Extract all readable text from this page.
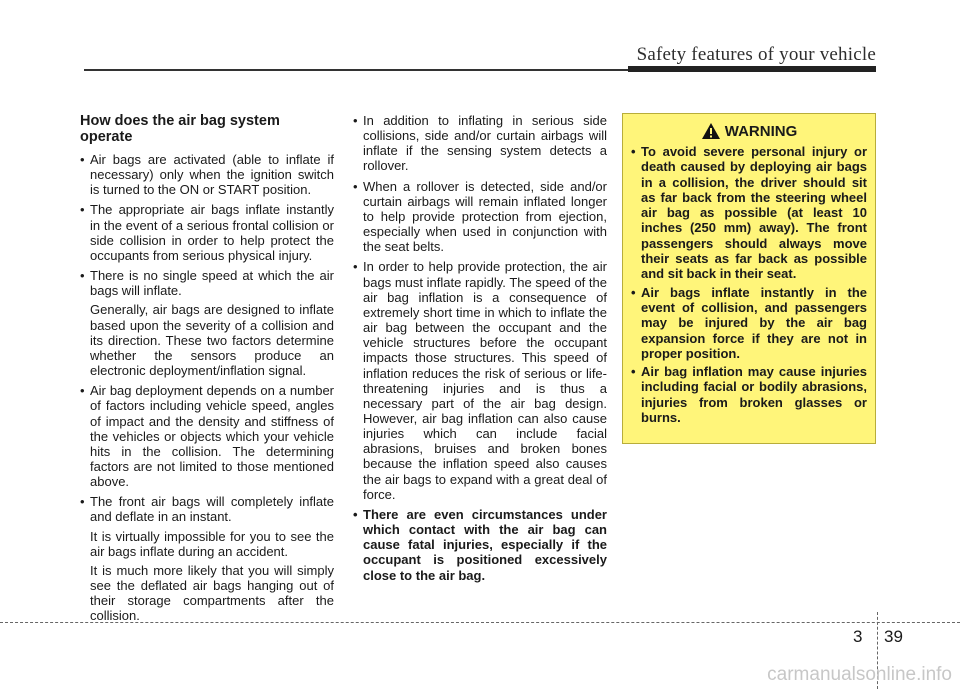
Safety features of your vehicle
How does the air bag system operate
• Air bags are activated (able to inflate if necessary) only when the ignition switch is turned to the ON or START position.
• The appropriate air bags inflate instantly in the event of a serious frontal collision or side collision in order to help protect the occupants from serious physical injury.
• There is no single speed at which the air bags will inflate.
Generally, air bags are designed to inflate based upon the severity of a collision and its direction. These two factors determine whether the sensors produce an electronic deployment/inflation signal.
• Air bag deployment depends on a number of factors including vehicle speed, angles of impact and the density and stiffness of the vehicles or objects which your vehicle hits in the collision. The determining factors are not limited to those mentioned above.
• The front air bags will completely inflate and deflate in an instant.
It is virtually impossible for you to see the air bags inflate during an accident.
It is much more likely that you will simply see the deflated air bags hanging out of their storage compartments after the collision.
• In addition to inflating in serious side collisions, side and/or curtain airbags will inflate if the sensing system detects a rollover.
• When a rollover is detected, side and/or curtain airbags will remain inflated longer to help provide protection from ejection, especially when used in conjunction with the seat belts.
• In order to help provide protection, the air bags must inflate rapidly. The speed of the air bag inflation is a consequence of extremely short time in which to inflate the air bag between the occupant and the vehicle structures before the occupant impacts those structures. This speed of inflation reduces the risk of serious or life-threatening injuries and is thus a necessary part of the air bag design. However, air bag inflation can also cause injuries which can include facial abrasions, bruises and broken bones because the inflation speed also causes the air bags to expand with a great deal of force.
• There are even circumstances under which contact with the air bag can cause fatal injuries, especially if the occupant is positioned excessively close to the air bag.
WARNING
• To avoid severe personal injury or death caused by deploying air bags in a collision, the driver should sit as far back from the steering wheel air bag as possible (at least 10 inches (250 mm) away). The front passengers should always move their seats as far back as possible and sit back in their seat.
• Air bags inflate instantly in the event of collision, and passengers may be injured by the air bag expansion force if they are not in proper position.
• Air bag inflation may cause injuries including facial or bodily abrasions, injuries from broken glasses or burns.
3 39
carmanualsonline.info
